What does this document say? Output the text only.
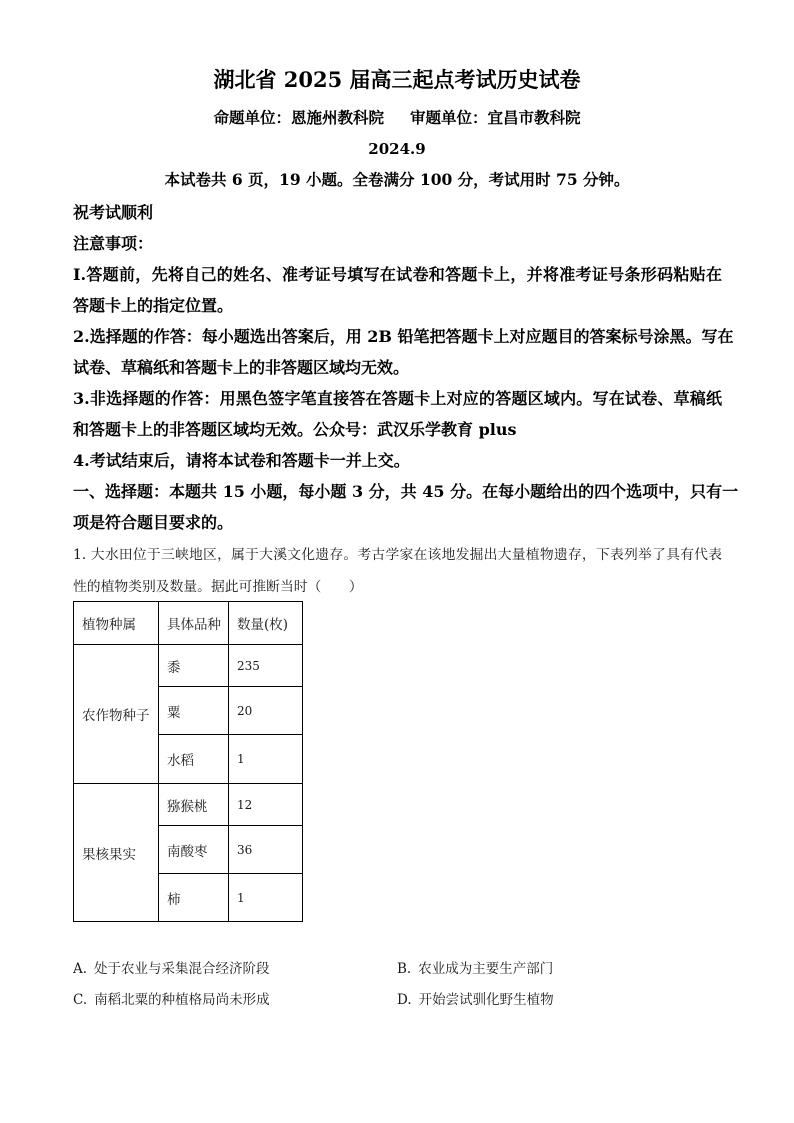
湖北省 2025 届高三起点考试历史试卷
命题单位：恩施州教科院 审题单位：宜昌市教科院
2024.9
本试卷共 6 页，19 小题。全卷满分 100 分，考试用时 75 分钟。
祝考试顺利
注意事项：
I.答题前，先将自己的姓名、准考证号填写在试卷和答题卡上，并将准考证号条形码粘贴在
答题卡上的指定位置。
2.选择题的作答：每小题选出答案后，用 2B 铅笔把答题卡上对应题目的答案标号涂黑。写在
试卷、草稿纸和答题卡上的非答题区域均无效。
3.非选择题的作答：用黑色签字笔直接答在答题卡上对应的答题区域内。写在试卷、草稿纸
和答题卡上的非答题区域均无效。公众号：武汉乐学教育 plus
4.考试结束后，请将本试卷和答题卡一并上交。
一、选择题：本题共 15 小题，每小题 3 分，共 45 分。在每小题给出的四个选项中，只有一
项是符合题目要求的。
1. 大水田位于三峡地区，属于大溪文化遗存。考古学家在该地发掘出大量植物遗存，下表列举了具有代表
性的植物类别及数量。据此可推断当时（　　）
植物种属	具体品种	数量(枚)
农作物种子	黍	235
	粟	20
	水稻	1
果核果实	猕猴桃	12
	南酸枣	36
	柿	1
A. 处于农业与采集混合经济阶段	B. 农业成为主要生产部门
C. 南稻北粟的种植格局尚未形成	D. 开始尝试驯化野生植物
